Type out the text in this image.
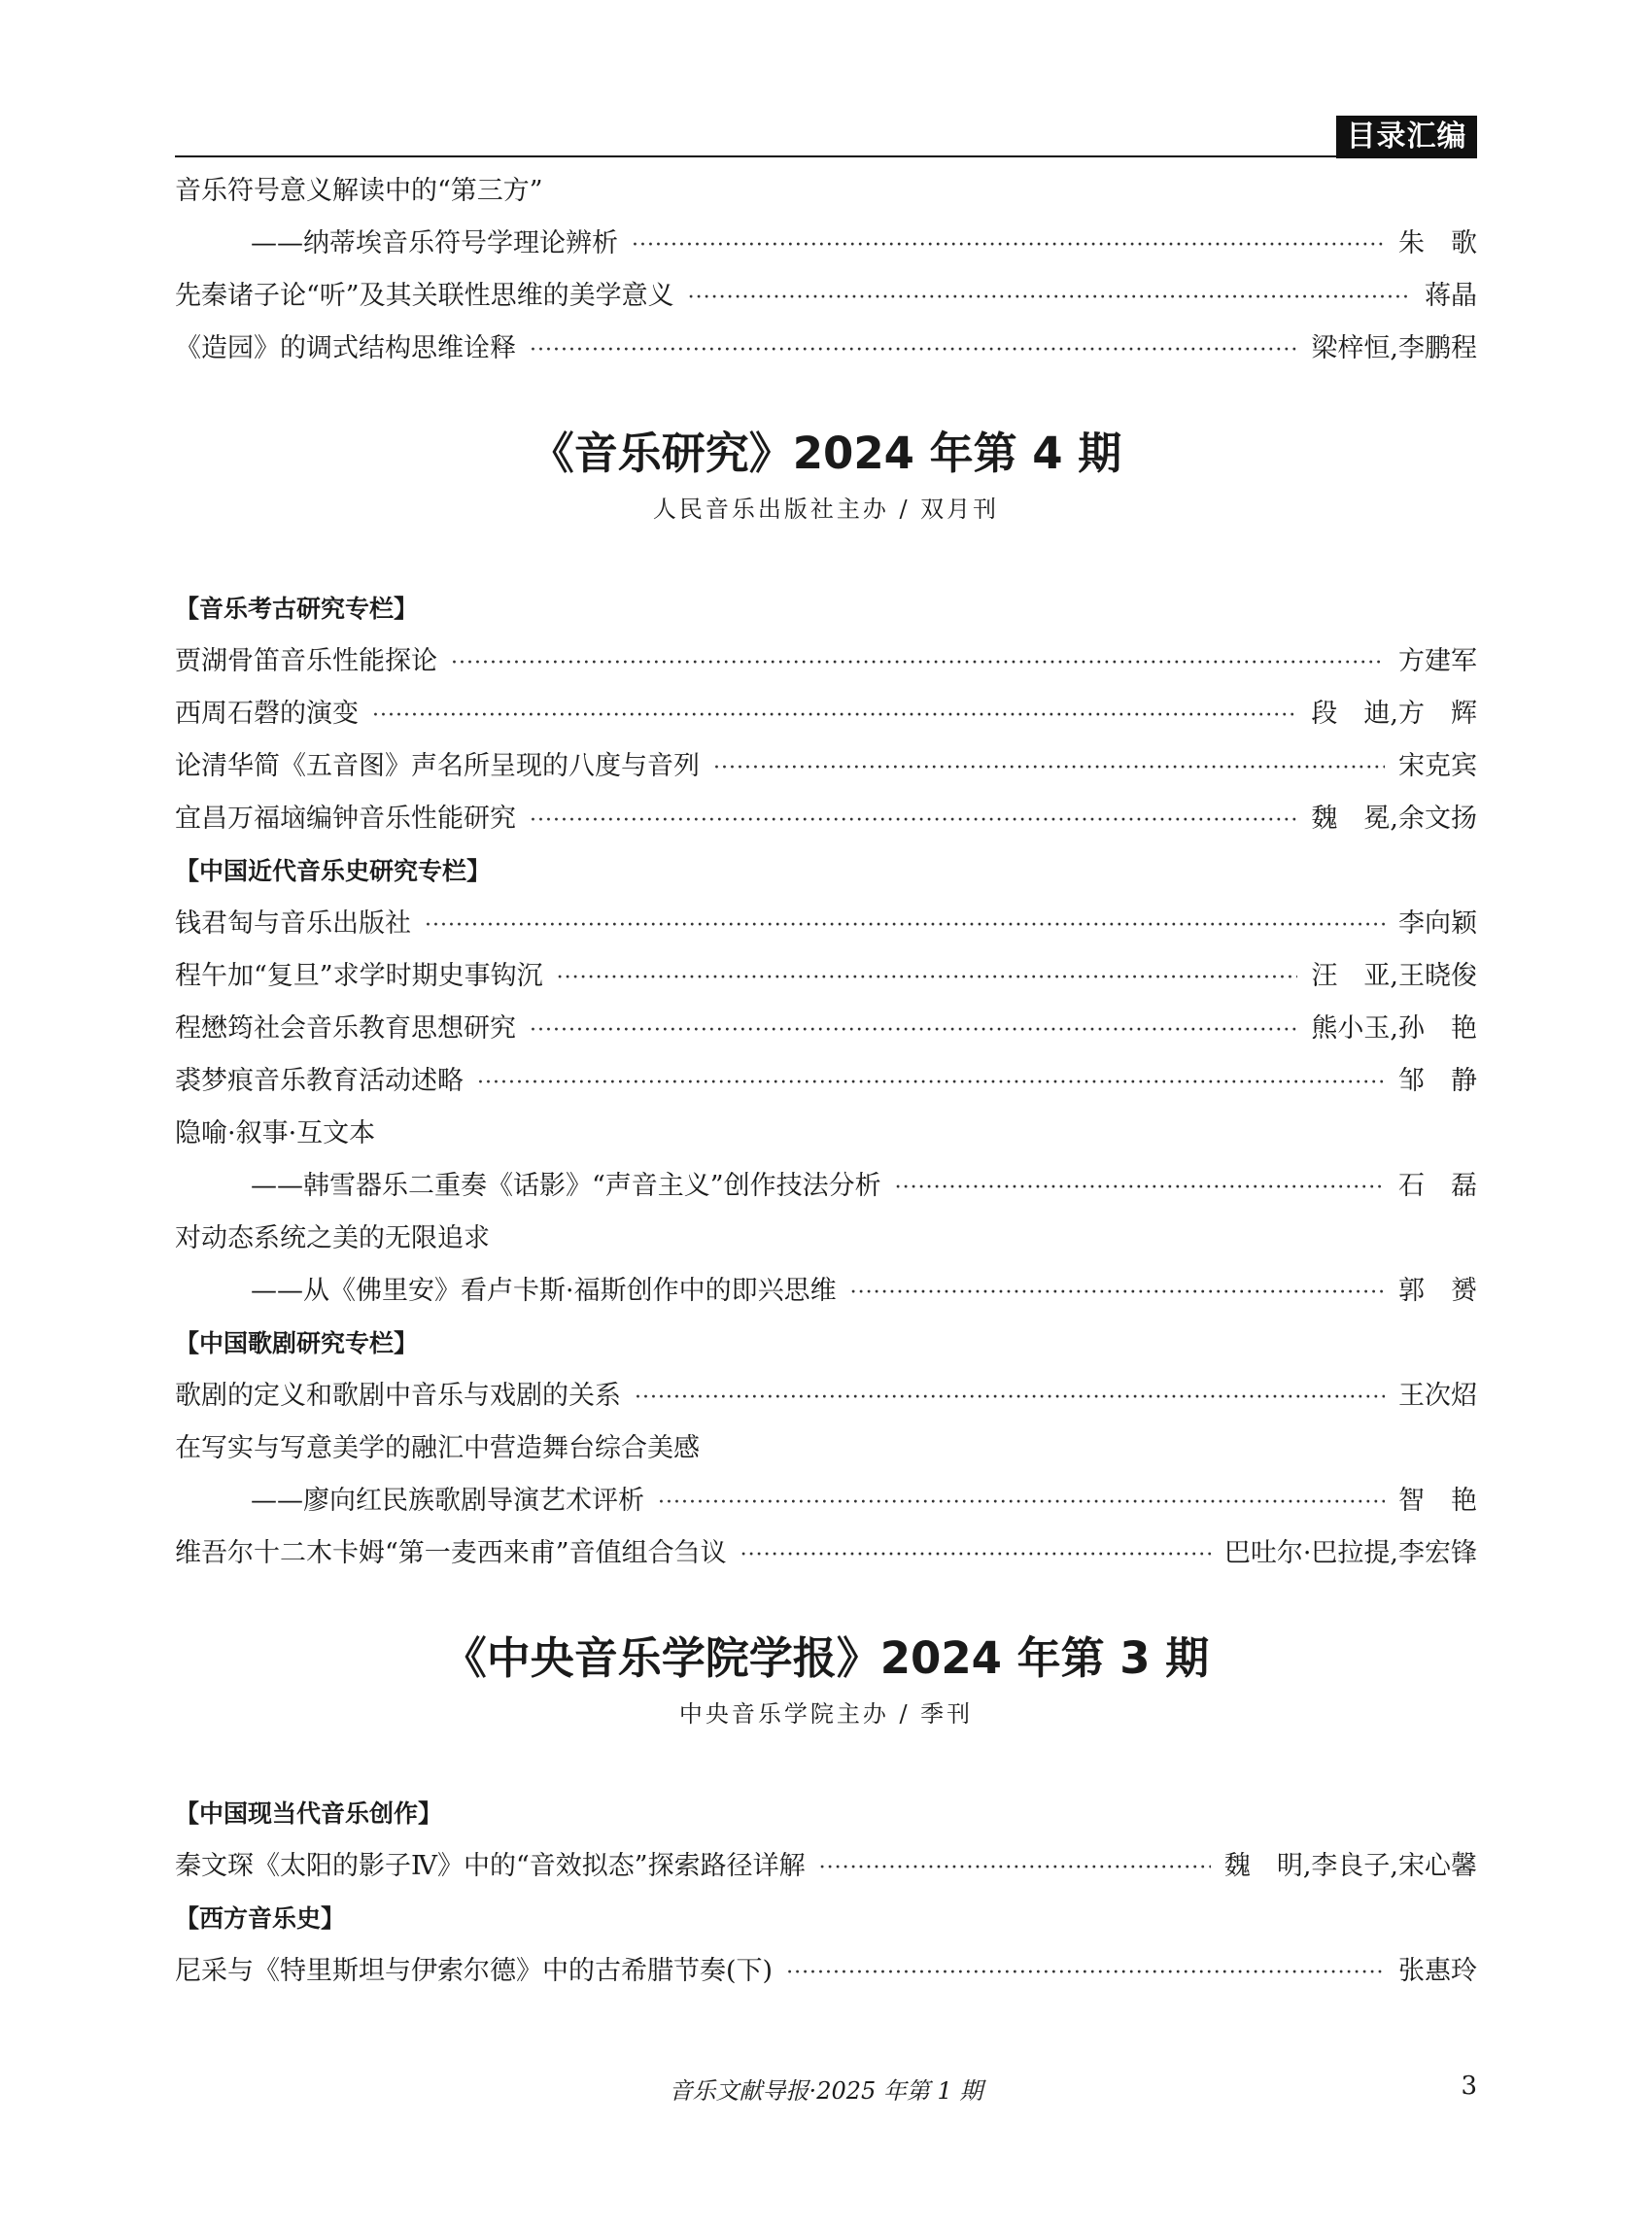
目录汇编
音乐符号意义解读中的“第三方”
——纳蒂埃音乐符号学理论辨析 ·····	朱　歌
先秦诸子论“听”及其关联性思维的美学意义 ·····	蒋晶
《造园》的调式结构思维诠释 ·····	梁梓恒,李鹏程
《音乐研究》2024 年第 4 期
人民音乐出版社主办 / 双月刊
【音乐考古研究专栏】
贾湖骨笛音乐性能探论 ·····	方建军
西周石磬的演变 ·····	段　迪,方　辉
论清华简《五音图》声名所呈现的八度与音列 ·····	宋克宾
宜昌万福垴编钟音乐性能研究 ·····	魏　冕,余文扬
【中国近代音乐史研究专栏】
钱君匋与音乐出版社 ·····	李向颖
程午加“复旦”求学时期史事钩沉 ·····	汪　亚,王晓俊
程懋筠社会音乐教育思想研究 ·····	熊小玉,孙　艳
裘梦痕音乐教育活动述略 ·····	邹　静
隐喻·叙事·互文本
——韩雪器乐二重奏《话影》“声音主义”创作技法分析 ·····	石　磊
对动态系统之美的无限追求
——从《佛里安》看卢卡斯·福斯创作中的即兴思维 ·····	郭　赟
【中国歌剧研究专栏】
歌剧的定义和歌剧中音乐与戏剧的关系 ·····	王次炤
在写实与写意美学的融汇中营造舞台综合美感
——廖向红民族歌剧导演艺术评析 ·····	智　艳
维吾尔十二木卡姆“第一麦西来甫”音值组合刍议 ·····	巴吐尔·巴拉提,李宏锋
《中央音乐学院学报》2024 年第 3 期
中央音乐学院主办 / 季刊
【中国现当代音乐创作】
秦文琛《太阳的影子Ⅳ》中的“音效拟态”探索路径详解 ·····	魏　明,李良子,宋心馨
【西方音乐史】
尼采与《特里斯坦与伊索尔德》中的古希腊节奏(下) ·····	张惠玲
音乐文献导报·2025 年第 1 期	3
